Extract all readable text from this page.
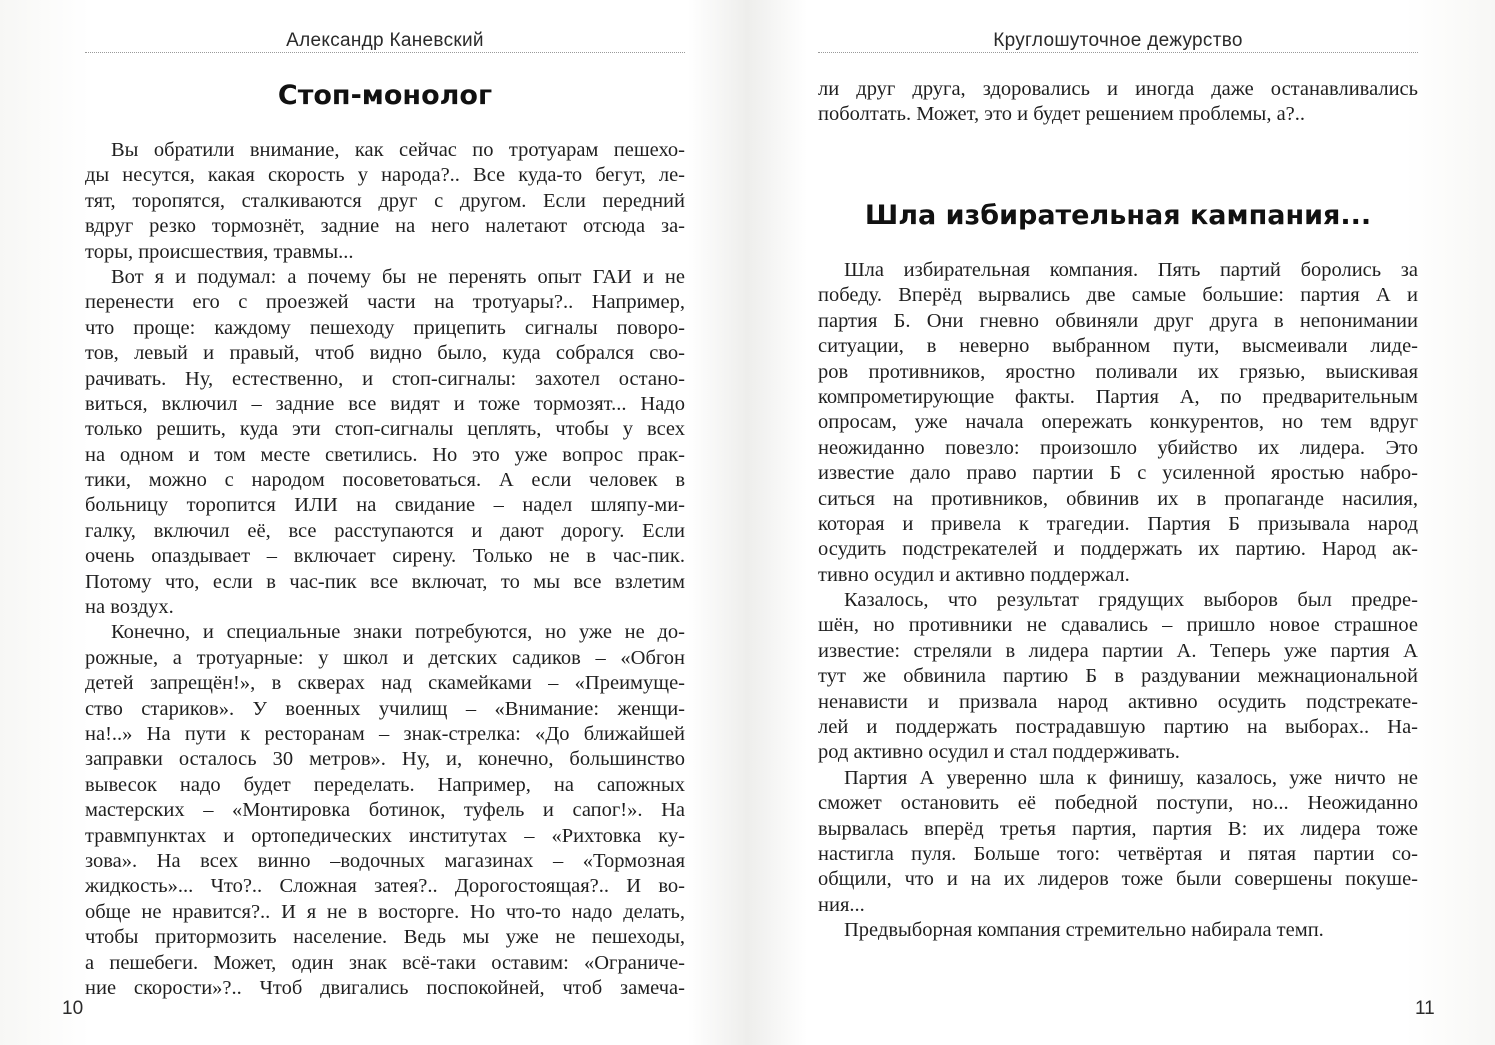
Александр Каневский
Стоп-монолог
Вы обратили внимание, как сейчас по тротуарам пешехо-
ды несутся, какая скорость у народа?.. Все куда-то бегут, ле-
тят, торопятся, сталкиваются друг с другом. Если передний
вдруг резко тормознёт, задние на него налетают отсюда за-
торы, происшествия, травмы...
Вот я и подумал: а почему бы не перенять опыт ГАИ и не
перенести его с проезжей части на тротуары?.. Например,
что проще: каждому пешеходу прицепить сигналы поворо-
тов, левый и правый, чтоб видно было, куда собрался сво-
рачивать. Ну, естественно, и стоп-сигналы: захотел остано-
виться, включил – задние все видят и тоже тормозят... Надо
только решить, куда эти стоп-сигналы цеплять, чтобы у всех
на одном и том месте светились. Но это уже вопрос прак-
тики, можно с народом посоветоваться. А если человек в
больницу торопится ИЛИ на свидание – надел шляпу-ми-
галку, включил её, все расступаются и дают дорогу. Если
очень опаздывает – включает сирену. Только не в час-пик.
Потому что, если в час-пик все включат, то мы все взлетим
на воздух.
Конечно, и специальные знаки потребуются, но уже не до-
рожные, а тротуарные: у школ и детских садиков – «Обгон
детей запрещён!», в скверах над скамейками – «Преимуще-
ство стариков». У военных училищ – «Внимание: женщи-
на!..» На пути к ресторанам – знак-стрелка: «До ближайшей
заправки осталось 30 метров». Ну, и, конечно, большинство
вывесок надо будет переделать. Например, на сапожных
мастерских – «Монтировка ботинок, туфель и сапог!». На
травмпунктах и ортопедических институтах – «Рихтовка ку-
зова». На всех винно –водочных магазинах – «Тормозная
жидкость»... Что?.. Сложная затея?.. Дорогостоящая?.. И во-
обще не нравится?.. И я не в восторге. Но что-то надо делать,
чтобы притормозить население. Ведь мы уже не пешеходы,
а пешебеги. Может, один знак всё-таки оставим: «Ограниче-
ние скорости»?.. Чтоб двигались поспокойней, чтоб замеча-
10
Круглошуточное дежурство
ли друг друга, здоровались и иногда даже останавливались
поболтать. Может, это и будет решением проблемы, а?..
Шла избирательная кампания...
Шла избирательная компания. Пять партий боролись за
победу. Вперёд вырвались две самые большие: партия А и
партия Б. Они гневно обвиняли друг друга в непонимании
ситуации, в неверно выбранном пути, высмеивали лиде-
ров противников, яростно поливали их грязью, выискивая
компрометирующие факты. Партия А, по предварительным
опросам, уже начала опережать конкурентов, но тем вдруг
неожиданно повезло: произошло убийство их лидера. Это
известие дало право партии Б с усиленной яростью набро-
ситься на противников, обвинив их в пропаганде насилия,
которая и привела к трагедии. Партия Б призывала народ
осудить подстрекателей и поддержать их партию. Народ ак-
тивно осудил и активно поддержал.
Казалось, что результат грядущих выборов был предре-
шён, но противники не сдавались – пришло новое страшное
известие: стреляли в лидера партии А. Теперь уже партия А
тут же обвинила партию Б в раздувании межнациональной
ненависти и призвала народ активно осудить подстрекате-
лей и поддержать пострадавшую партию на выборах.. На-
род активно осудил и стал поддерживать.
Партия А уверенно шла к финишу, казалось, уже ничто не
сможет остановить её победной поступи, но... Неожиданно
вырвалась вперёд третья партия, партия В: их лидера тоже
настигла пуля. Больше того: четвёртая и пятая партии со-
общили, что и на их лидеров тоже были совершены покуше-
ния...
Предвыборная компания стремительно набирала темп.
11
